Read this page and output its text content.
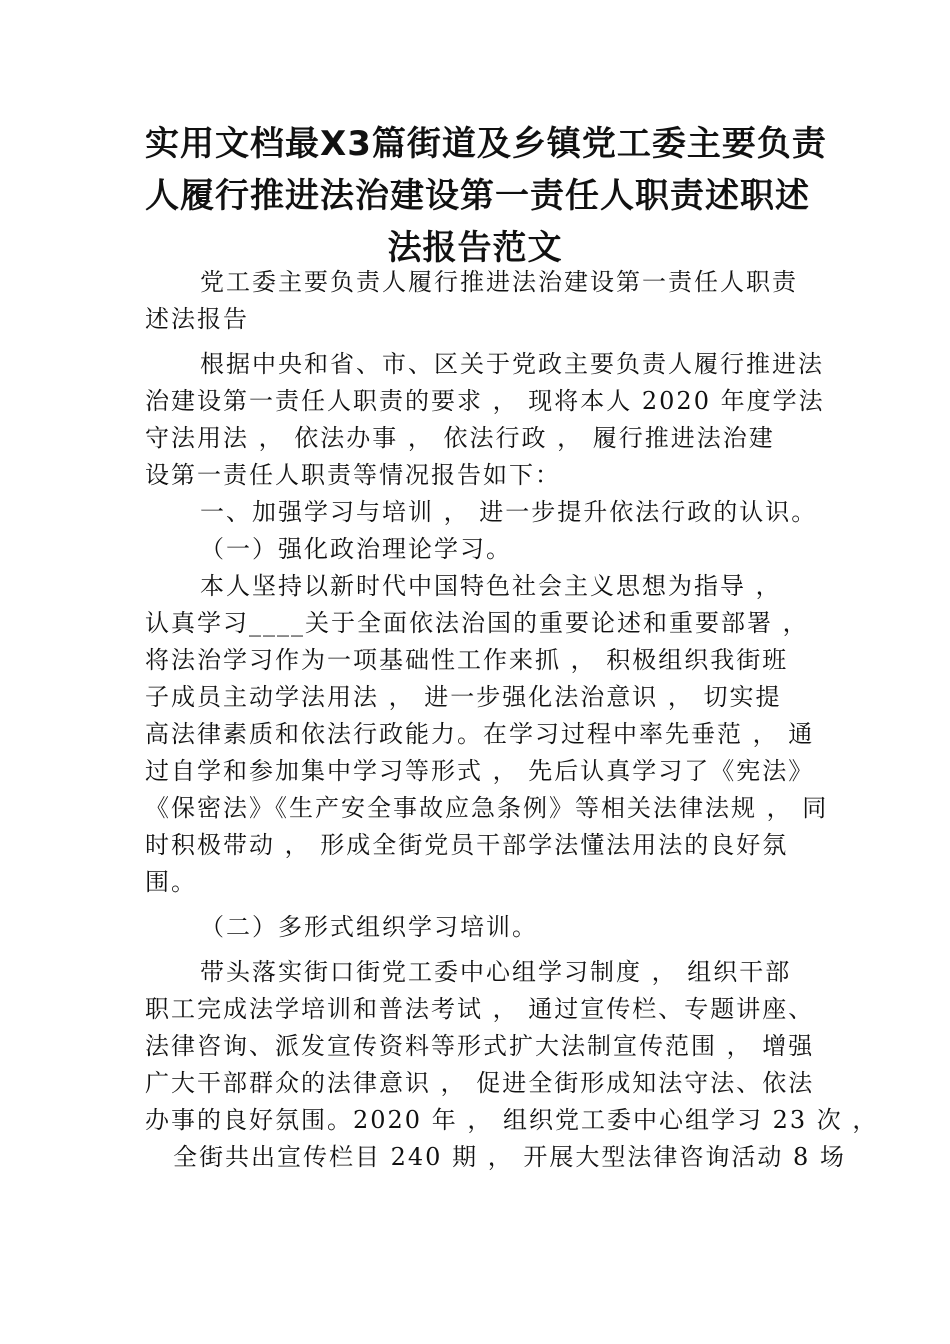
实用文档最X3篇街道及乡镇党工委主要负责
人履行推进法治建设第一责任人职责述职述
法报告范文
党工委主要负责人履行推进法治建设第一责任人职责
述法报告
根据中央和省、市、区关于党政主要负责人履行推进法
治建设第一责任人职责的要求 ， 现将本人 2020 年度学法
守法用法 ， 依法办事 ， 依法行政 ， 履行推进法治建
设第一责任人职责等情况报告如下：
一、加强学习与培训 ， 进一步提升依法行政的认识。
（一）强化政治理论学习。
本人坚持以新时代中国特色社会主义思想为指导 ，
认真学习____关于全面依法治国的重要论述和重要部署 ，
将法治学习作为一项基础性工作来抓 ， 积极组织我街班
子成员主动学法用法 ， 进一步强化法治意识 ， 切实提
高法律素质和依法行政能力。在学习过程中率先垂范 ， 通
过自学和参加集中学习等形式 ， 先后认真学习了《宪法》
《保密法》《生产安全事故应急条例》等相关法律法规 ， 同
时积极带动 ， 形成全街党员干部学法懂法用法的良好氛
围。
（二）多形式组织学习培训。
带头落实街口街党工委中心组学习制度 ， 组织干部
职工完成法学培训和普法考试 ， 通过宣传栏、专题讲座、
法律咨询、派发宣传资料等形式扩大法制宣传范围 ， 增强
广大干部群众的法律意识 ， 促进全街形成知法守法、依法
办事的良好氛围。2020 年 ， 组织党工委中心组学习 23 次 ，
全街共出宣传栏目 240 期 ， 开展大型法律咨询活动 8 场
